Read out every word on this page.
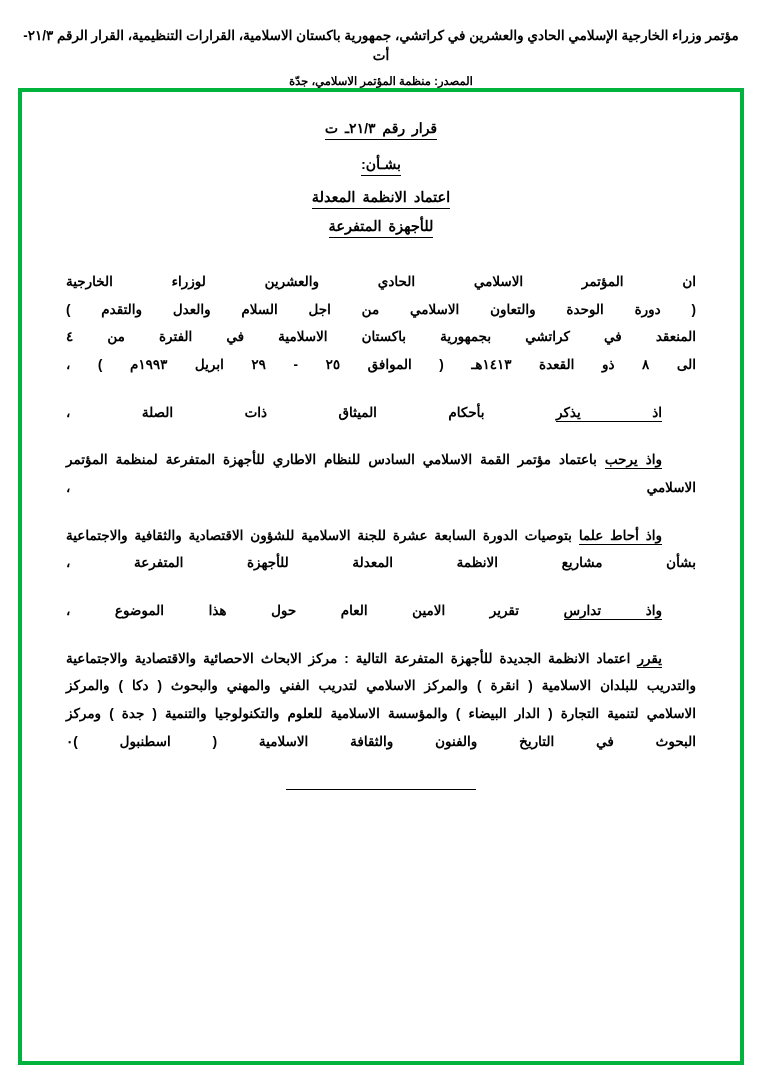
مؤتمر وزراء الخارجية الإسلامي الحادي والعشرين في كراتشي، جمهورية باكستان الاسلامية، القرارات التنظيمية، القرار الرقم ٢١/٣-أت
المصدر: منظمة المؤتمر الاسلامي، جدّة
قرار رقم ٢١/٣ـ ت
بشـأن:
اعتماد الانظمة المعدلة
للأجهزة المتفرعة
ان المؤتمر الاسلامي الحادي والعشرين لوزراء الخارجية
( دورة الوحدة والتعاون الاسلامي من اجل السلام والعدل والتقدم )
المنعقد في كراتشي بجمهورية باكستان الاسلامية في الفترة من ٤
الى ٨ ذو القعدة ١٤١٣هـ ( الموافق ٢٥ - ٢٩ ابريل ١٩٩٣م ) ،
اذ يذكر بأحكام الميثاق ذات الصلة ،
واذ يرحب باعتماد مؤتمر القمة الاسلامي السادس للنظام الاطاري للأجهزة المتفرعة لمنظمة المؤتمر الاسلامي ،
واذ أحاط علما بتوصيات الدورة السابعة عشرة للجنة الاسلامية للشؤون الاقتصادية والثقافية والاجتماعية بشأن مشاريع الانظمة المعدلة للأجهزة المتفرعة ،
واذ تدارس تقرير الامين العام حول هذا الموضوع ،
يقرر اعتماد الانظمة الجديدة للأجهزة المتفرعة التالية : مركز الابحاث الاحصائية والاقتصادية والاجتماعية والتدريب للبلدان الاسلامية ( انقرة ) والمركز الاسلامي لتدريب الفني والمهني والبحوث ( دكا ) والمركز الاسلامي لتنمية التجارة ( الدار البيضاء ) والمؤسسة الاسلامية للعلوم والتكنولوجيا والتنمية ( جدة ) ومركز البحوث في التاريخ والفنون والثقافة الاسلامية ( اسطنبول )٠
